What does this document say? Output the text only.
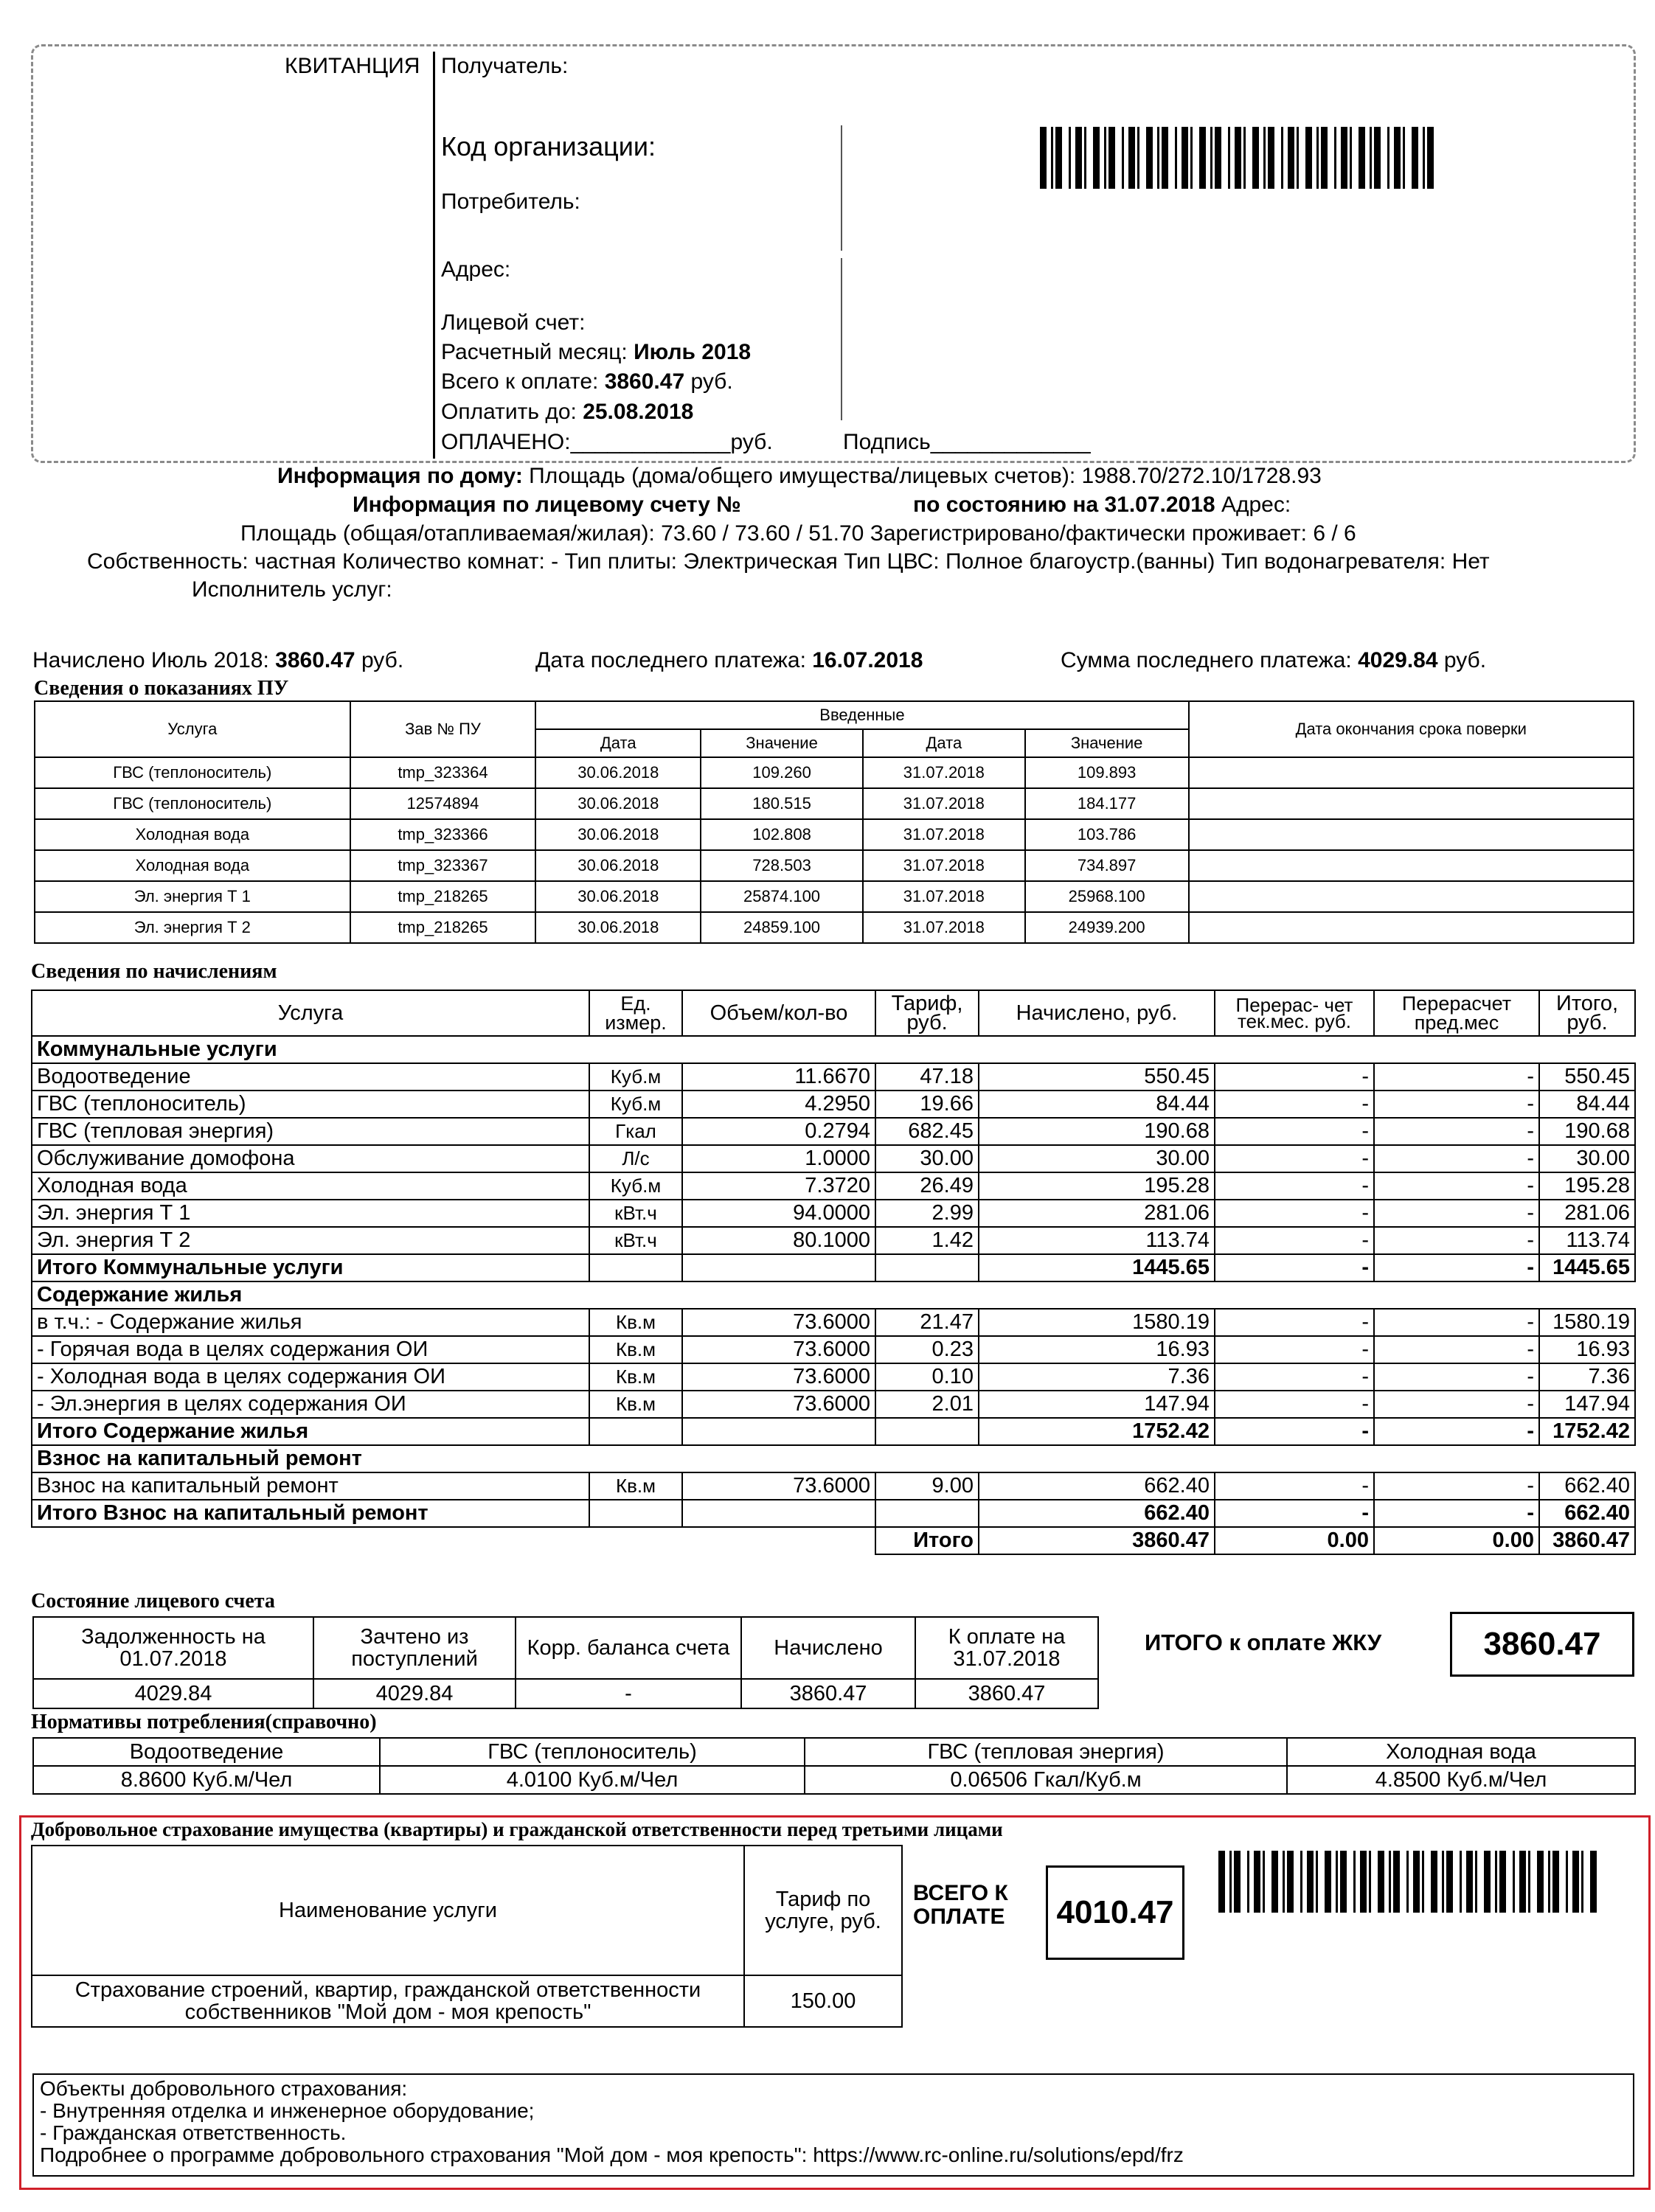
КВИТАНЦИЯ Получатель:
Код организации:
Потребитель:
Адрес:
Лицевой счет:
Расчетный месяц: Июль 2018
Всего к оплате: 3860.47 руб.
Оплатить до: 25.08.2018
ОПЛАЧЕНО:_____________руб.	Подпись_____________
Информация по дому: Площадь (дома/общего имущества/лицевых счетов): 1988.70/272.10/1728.93
Информация по лицевому счету №	по состоянию на 31.07.2018 Адрес:
Площадь (общая/отапливаемая/жилая): 73.60 / 73.60 / 51.70 Зарегистрировано/фактически проживает: 6 / 6
Собственность: частная Количество комнат: - Тип плиты: Электрическая Тип ЦВС: Полное благоустр.(ванны) Тип водонагревателя: Нет
Исполнитель услуг:
Начислено Июль 2018: 3860.47 руб.	Дата последнего платежа: 16.07.2018	Сумма последнего платежа: 4029.84 руб.
Сведения о показаниях ПУ
Услуга	Зав № ПУ	Введенные				Дата окончания срока поверки
		Дата	Значение	Дата	Значение	
ГВС (теплоноситель)	tmp_323364	30.06.2018	109.260	31.07.2018	109.893	
ГВС (теплоноситель)	12574894	30.06.2018	180.515	31.07.2018	184.177	
Холодная вода	tmp_323366	30.06.2018	102.808	31.07.2018	103.786	
Холодная вода	tmp_323367	30.06.2018	728.503	31.07.2018	734.897	
Эл. энергия Т 1	tmp_218265	30.06.2018	25874.100	31.07.2018	25968.100	
Эл. энергия Т 2	tmp_218265	30.06.2018	24859.100	31.07.2018	24939.200	
Сведения по начислениям
Услуга	Ед. измер.	Объем/кол-во	Тариф, руб.	Начислено, руб.	Перерас- чет тек.мес. руб.	Перерасчет пред.мес	Итого, руб.
Коммунальные услуги							
Водоотведение	Куб.м	11.6670	47.18	550.45	-	-	550.45
ГВС (теплоноситель)	Куб.м	4.2950	19.66	84.44	-	-	84.44
ГВС (тепловая энергия)	Гкал	0.2794	682.45	190.68	-	-	190.68
Обслуживание домофона	Л/с	1.0000	30.00	30.00	-	-	30.00
Холодная вода	Куб.м	7.3720	26.49	195.28	-	-	195.28
Эл. энергия Т 1	кВт.ч	94.0000	2.99	281.06	-	-	281.06
Эл. энергия Т 2	кВт.ч	80.1000	1.42	113.74	-	-	113.74
Итого Коммунальные услуги				1445.65	-	-	1445.65
Содержание жилья							
в т.ч.: - Содержание жилья	Кв.м	73.6000	21.47	1580.19	-	-	1580.19
- Горячая вода в целях содержания ОИ	Кв.м	73.6000	0.23	16.93	-	-	16.93
- Холодная вода в целях содержания ОИ	Кв.м	73.6000	0.10	7.36	-	-	7.36
- Эл.энергия в целях содержания ОИ	Кв.м	73.6000	2.01	147.94	-	-	147.94
Итого Содержание жилья				1752.42	-	-	1752.42
Взнос на капитальный ремонт							
Взнос на капитальный ремонт	Кв.м	73.6000	9.00	662.40	-	-	662.40
Итого Взнос на капитальный ремонт				662.40	-	-	662.40
			Итого	3860.47	0.00	0.00	3860.47
Состояние лицевого счета
Задолженность на 01.07.2018	Зачтено из поступлений	Корр. баланса счета	Начислено	К оплате на 31.07.2018
4029.84	4029.84	-	3860.47	3860.47
ИТОГО к оплате ЖКУ	3860.47
Нормативы потребления(справочно)
Водоотведение	ГВС (теплоноситель)	ГВС (тепловая энергия)	Холодная вода
8.8600 Куб.м/Чел	4.0100 Куб.м/Чел	0.06506 Гкал/Куб.м	4.8500 Куб.м/Чел
Добровольное страхование имущества (квартиры) и гражданской ответственности перед третьими лицами
Наименование услуги	Тариф по услуге, руб.
Страхование строений, квартир, гражданской ответственности собственников "Мой дом - моя крепость"	150.00
ВСЕГО К ОПЛАТЕ	4010.47
Объекты добровольного страхования:
- Внутренняя отделка и инженерное оборудование;
- Гражданская ответственность.
Подробнее о программе добровольного страхования "Мой дом - моя крепость": https://www.rc-online.ru/solutions/epd/frz
